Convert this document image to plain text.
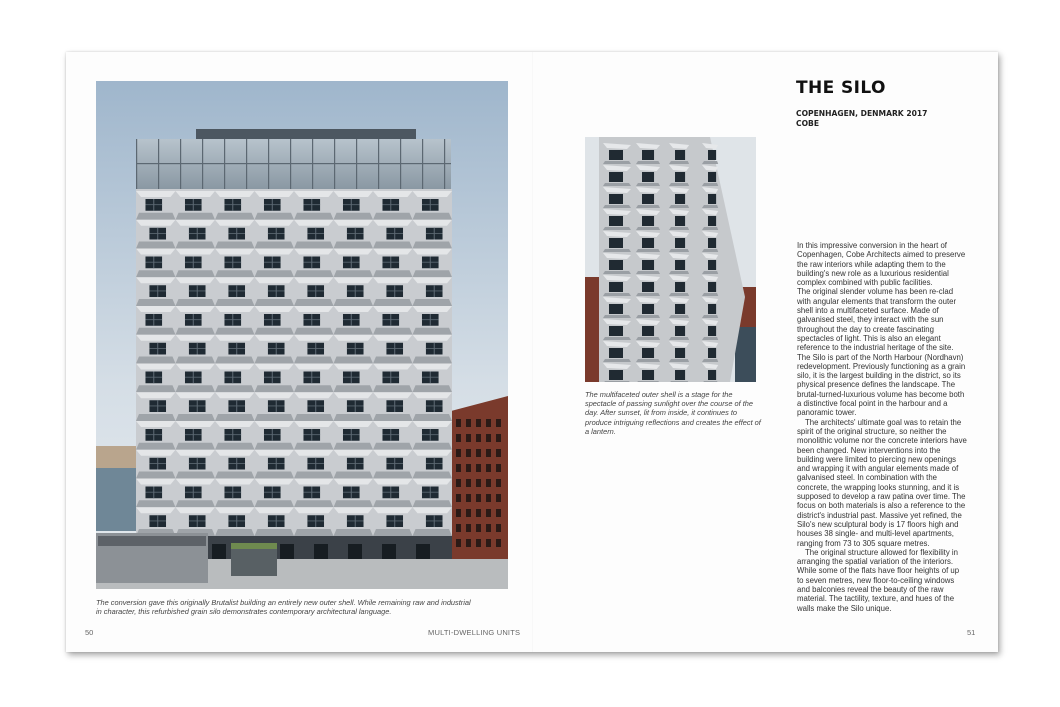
The conversion gave this originally Brutalist building an entirely new outer shell. While remaining raw and industrial in character, this refurbished grain silo demonstrates contemporary architectural language.

The multifaceted outer shell is a stage for the spectacle of passing sunlight over the course of the day. After sunset, lit from inside, it continues to produce intriguing reflections and creates the effect of a lantern.

THE SILO
COPENHAGEN, DENMARK 2017
COBE

In this impressive conversion in the heart of Copenhagen, Cobe Architects aimed to preserve the raw interiors while adapting them to the building's new role as a luxurious residential complex combined with public facilities.

The original slender volume has been re-clad with angular elements that transform the outer shell into a multifaceted surface. Made of galvanised steel, they interact with the sun throughout the day to create fascinating spectacles of light. This is also an elegant reference to the industrial heritage of the site. The Silo is part of the North Harbour (Nordhavn) redevelopment. Previously functioning as a grain silo, it is the largest building in the district, so its physical presence defines the landscape. The brutal-turned-luxurious volume has become both a distinctive focal point in the harbour and a panoramic tower.

The architects' ultimate goal was to retain the spirit of the original structure, so neither the monolithic volume nor the concrete interiors have been changed. New interventions into the building were limited to piercing new openings and wrapping it with angular elements made of galvanised steel. In combination with the concrete, the wrapping looks stunning, and it is supposed to develop a raw patina over time. The focus on both materials is also a reference to the district's industrial past. Massive yet refined, the Silo's new sculptural body is 17 floors high and houses 38 single- and multi-level apartments, ranging from 73 to 305 square metres.

The original structure allowed for flexibility in arranging the spatial variation of the interiors. While some of the flats have floor heights of up to seven metres, new floor-to-ceiling windows and balconies reveal the beauty of the raw material. The tactility, texture, and hues of the walls make the Silo unique.

50	MULTI-DWELLING UNITS	51
